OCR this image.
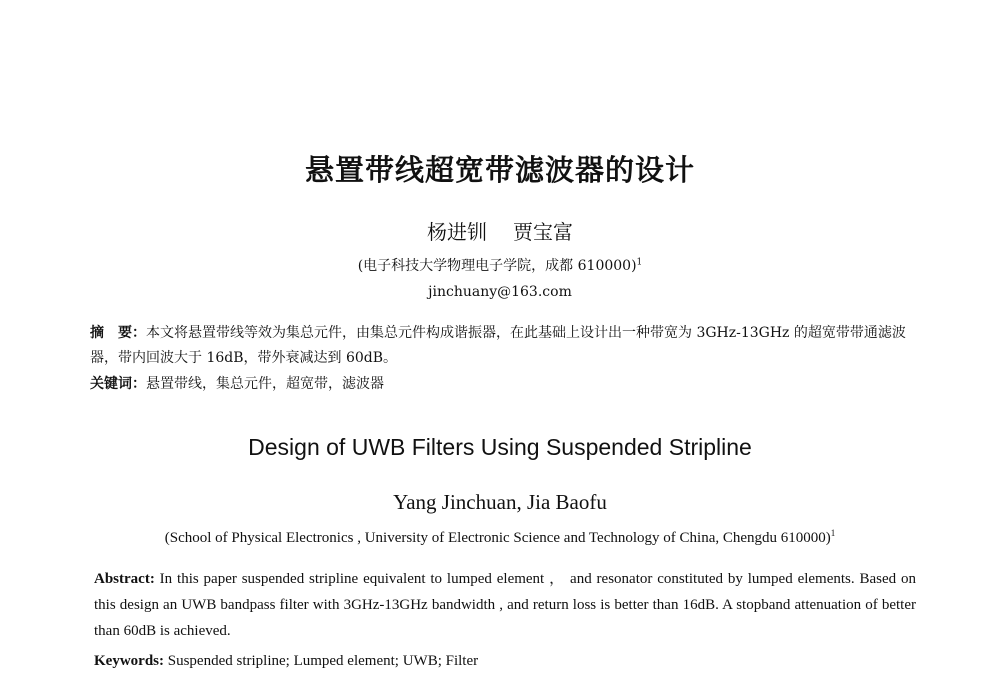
悬置带线超宽带滤波器的设计
杨进钏 贾宝富
(电子科技大学物理电子学院，成都 610000)$^1$
jinchuany@163.com
摘　要：本文将悬置带线等效为集总元件，由集总元件构成谐振器，在此基础上设计出一种带宽为 3GHz-13GHz 的超宽带带通滤波器，带内回波大于 16dB，带外衰减达到 60dB。
关键词：悬置带线，集总元件，超宽带，滤波器
Design of UWB Filters Using Suspended Stripline
Yang Jinchuan, Jia Baofu
(School of Physical Electronics , University of Electronic Science and Technology of China, Chengdu 610000)$^1$
Abstract: In this paper suspended stripline equivalent to lumped element ， and resonator constituted by lumped elements. Based on this design an UWB bandpass filter with 3GHz-13GHz bandwidth , and return loss is better than 16dB. A stopband attenuation of better than 60dB is achieved.
Keywords: Suspended stripline; Lumped element; UWB; Filter
